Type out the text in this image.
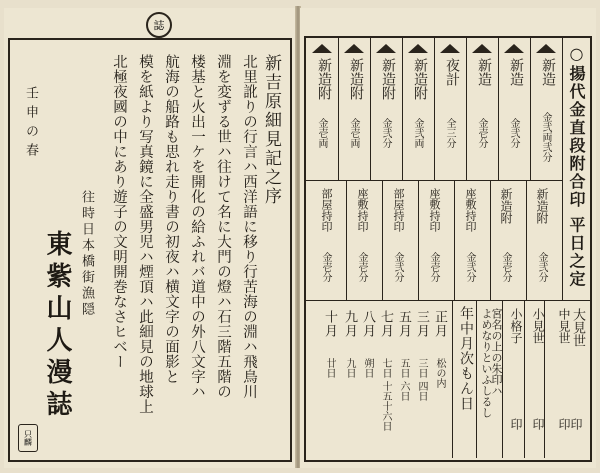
誌
新吉原細見記之序
北里訛りの行言ハ西洋語に移り行苦海の淵ハ飛鳥川
淵を変ずる世ハ往けて名に大門の燈ハ石三階五階の
楼基と火出一ケを開化の給ふれバ道中の外八文字ハ
航海の船路も思れ走り書の初夜ハ横文字の面影と
模を紙より写真鏡に全盛男児ハ煙頂ハ此細見の地球上
北極夜國の中にあり遊子の文明開巻なさヒベー
往時日本橋街漁隠
東紫山人漫誌
壬申の春
只麟
○揚代金直段附合印 平日之定
新造
金弐両弐分
新造
金弐分
新造
金壱分
夜計
全三分
新造附
金弐両
新造附
金弐分
新造附
金壱両
新造附
金壱両
新造附
金弐分
新造附
金壱分
座敷持印
金弐分
座敷持印
金壱分
部屋持印
金弐分
座敷持印
金壱分
部屋持印
金壱分
大見世
印
中見世
印
小見世
印
小格子
印
宮名の上の朱印ハ
よめなりといふしるし
年中月次もん日
正月
松の内
三月
三日 四日
五月
五日 六日
七月
七日 十五十六日
八月
朔日
九月
九日
十月
廿日
